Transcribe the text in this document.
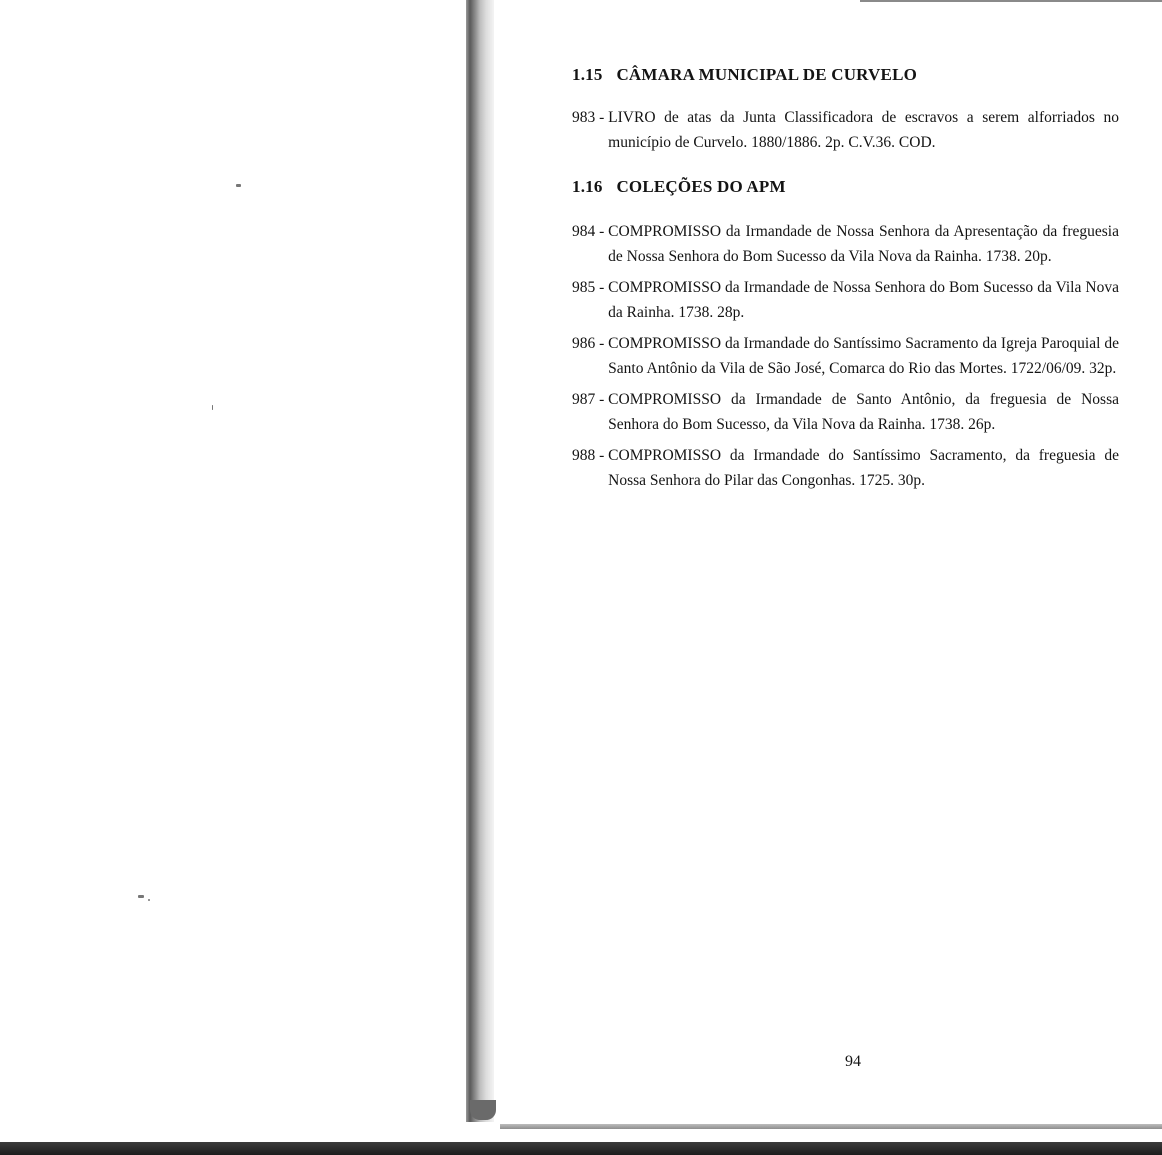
1.15 CÂMARA MUNICIPAL DE CURVELO
983 - LIVRO de atas da Junta Classificadora de escravos a serem alforriados no município de Curvelo. 1880/1886. 2p. C.V.36. COD.
1.16 COLEÇÕES DO APM
984 - COMPROMISSO da Irmandade de Nossa Senhora da Apresentação da freguesia de Nossa Senhora do Bom Sucesso da Vila Nova da Rainha. 1738. 20p.
985 - COMPROMISSO da Irmandade de Nossa Senhora do Bom Sucesso da Vila Nova da Rainha. 1738. 28p.
986 - COMPROMISSO da Irmandade do Santíssimo Sacramento da Igreja Paroquial de Santo Antônio da Vila de São José, Comarca do Rio das Mortes. 1722/06/09. 32p.
987 - COMPROMISSO da Irmandade de Santo Antônio, da freguesia de Nossa Senhora do Bom Sucesso, da Vila Nova da Rainha. 1738. 26p.
988 - COMPROMISSO da Irmandade do Santíssimo Sacramento, da freguesia de Nossa Senhora do Pilar das Congonhas. 1725. 30p.
94
